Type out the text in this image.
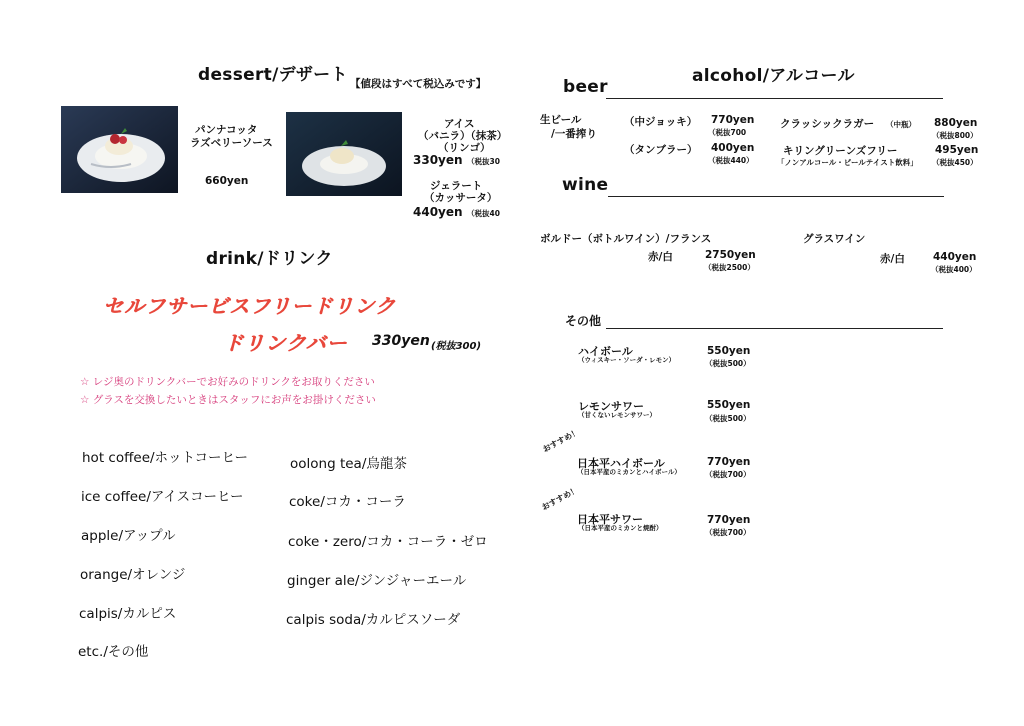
dessert/デザート 【値段はすべて税込みです】
パンナコッタ
ラズベリーソース
660yen
アイス
（バニラ）（抹茶）
（リンゴ）
330yen （税抜30
ジェラート
（カッサータ）
440yen （税抜40
drink/ドリンク
セルフサービスフリードリンク
ドリンクバー 330yen (税抜300)
☆ レジ奥のドリンクバーでお好みのドリンクをお取りください
☆ グラスを交換したいときはスタッフにお声をお掛けください
hot coffee/ホットコーヒー
ice coffee/アイスコーヒー
apple/アップル
orange/オレンジ
calpis/カルピス
etc./その他
oolong tea/烏龍茶
coke/コカ・コーラ
coke・zero/コカ・コーラ・ゼロ
ginger ale/ジンジャーエール
calpis soda/カルピスソーダ
alcohol/アルコール
beer
生ビール
/一番搾り
（中ジョッキ） 770yen
（税抜700
（タンブラー） 400yen
（税抜440）
クラッシックラガー （中瓶） 880yen
（税抜800）
キリングリーンズフリー
「ノンアルコール・ビールテイスト飲料」
495yen
（税抜450）
wine
ボルドー（ボトルワイン）/フランス
赤/白	2750yen
（税抜2500）
グラスワイン
赤/白	440yen
（税抜400）
その他
ハイボール
（ウィスキー・ソーダ・レモン）
550yen
（税抜500）
レモンサワー
（甘くないレモンサワー）
550yen
（税抜500）
おすすめ！
日本平ハイボール
（日本平産のミカンとハイボール）
770yen
（税抜700）
おすすめ！
日本平サワー
（日本平産のミカンと焼酎）
770yen
（税抜700）
